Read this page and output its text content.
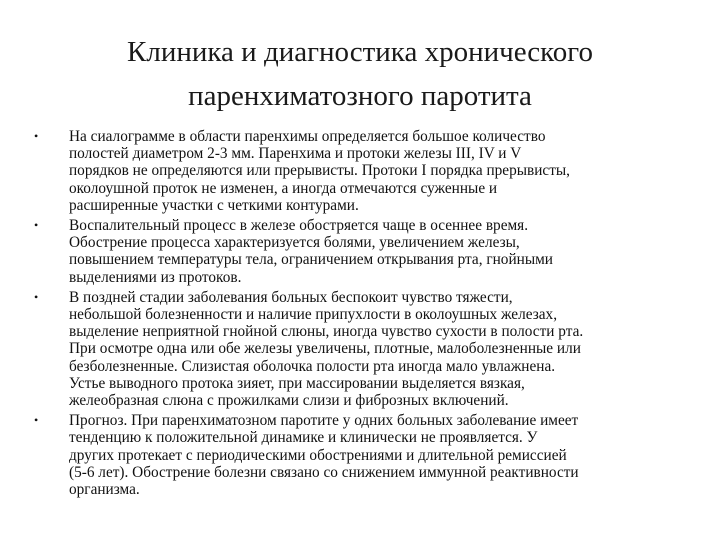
Клиника и диагностика хронического
паренхиматозного паротита
•	На сиалограмме в области паренхимы определяется большое количество
полостей диаметром 2-3 мм. Паренхима и протоки железы III, IV и V
порядков не определяются или прерывисты. Протоки I порядка прерывисты,
околоушной проток не изменен, а иногда отмечаются суженные и
расширенные участки с четкими контурами.
•	Воспалительный процесс в железе обостряется чаще в осеннее время.
Обострение процесса характеризуется болями, увеличением железы,
повышением температуры тела, ограничением открывания рта, гнойными
выделениями из протоков.
•	В поздней стадии заболевания больных беспокоит чувство тяжести,
небольшой болезненности и наличие припухлости в околоушных железах,
выделение неприятной гнойной слюны, иногда чувство сухости в полости рта.
При осмотре одна или обе железы увеличены, плотные, малоболезненные или
безболезненные. Слизистая оболочка полости рта иногда мало увлажнена.
Устье выводного протока зияет, при массировании выделяется вязкая,
желеобразная слюна с прожилками слизи и фиброзных включений.
•	Прогноз. При паренхиматозном паротите у одних больных заболевание имеет
тенденцию к положительной динамике и клинически не проявляется. У
других протекает с периодическими обострениями и длительной ремиссией
(5-6 лет). Обострение болезни связано со снижением иммунной реактивности
организма.
